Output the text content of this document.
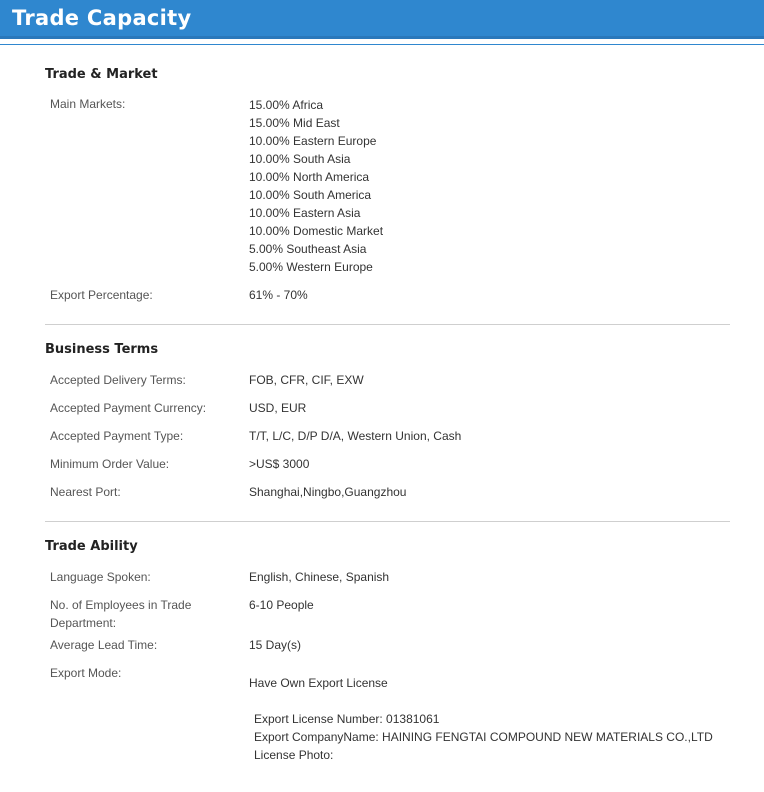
Trade Capacity
Trade & Market
Main Markets:	15.00% Africa
15.00% Mid East
10.00% Eastern Europe
10.00% South Asia
10.00% North America
10.00% South America
10.00% Eastern Asia
10.00% Domestic Market
5.00% Southeast Asia
5.00% Western Europe
Export Percentage:	61% - 70%
Business Terms
Accepted Delivery Terms:	FOB, CFR, CIF, EXW
Accepted Payment Currency:	USD, EUR
Accepted Payment Type:	T/T, L/C, D/P D/A, Western Union, Cash
Minimum Order Value:	>US$ 3000
Nearest Port:	Shanghai,Ningbo,Guangzhou
Trade Ability
Language Spoken:	English, Chinese, Spanish
No. of Employees in Trade Department:
6-10 People
Average Lead Time:	15 Day(s)
Export Mode:
Have Own Export License
Export License Number: 01381061
Export CompanyName: HAINING FENGTAI COMPOUND NEW MATERIALS CO.,LTD
License Photo:
